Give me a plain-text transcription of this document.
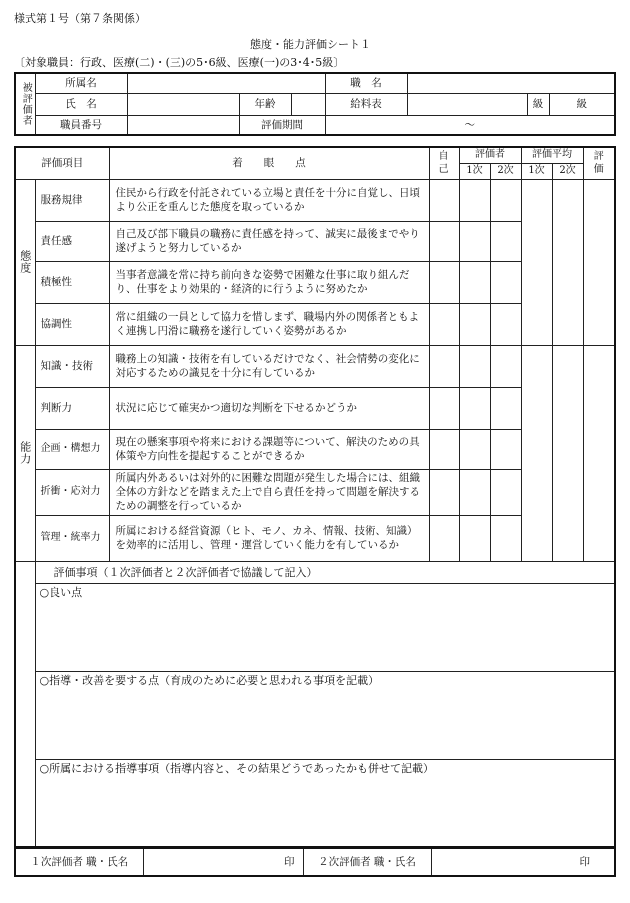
様式第１号（第７条関係）
態度・能力評価シート１
〔対象職員：行政、医療(二)・(三)の5･6級、医療(一)の3･4･5級〕
被評価者	所属名				職　名			
	氏　名		年齢		給料表		級	級
	職員番号		評価期間		～			
評価項目		着　　眼　　点	自己	評価者		評価平均		評価

				1次	2次	1次	2次	

態度	服務規律	住民から行政を付託されている立場と責任を十分に自覚し、日頃より公正を重んじた態度を取っているか						
	責任感	自己及び部下職員の職務に責任感を持って、誠実に最後までやり遂げようと努力しているか						
	積極性	当事者意識を常に持ち前向きな姿勢で困難な仕事に取り組んだり、仕事をより効果的・経済的に行うように努めたか						
	協調性	常に組織の一員として協力を惜しまず、職場内外の関係者ともよく連携し円滑に職務を遂行していく姿勢があるか						

能力	知識・技術	職務上の知識・技術を有しているだけでなく、社会情勢の変化に対応するための識見を十分に有しているか						
	判断力	状況に応じて確実かつ適切な判断を下せるかどうか						
	企画・構想力	現在の懸案事項や将来における課題等について、解決のための具体策や方向性を提起することができるか						
	折衝・応対力	所属内外あるいは対外的に困難な問題が発生した場合には、組織全体の方針などを踏まえた上で自ら責任を持って問題を解決するための調整を行っているか						
	管理・統率力	所属における経営資源（ヒト、モノ、カネ、情報、技術、知識）を効率的に活用し、管理・運営していく能力を有しているか						
	評価事項（１次評価者と２次評価者で協議して記入）							
	○良い点							
	○指導・改善を要する点（育成のために必要と思われる事項を記載）							
	○所属における指導事項（指導内容と、その結果どうであったかも併せて記載）							
１次評価者 職・氏名	印	２次評価者 職・氏名	印
